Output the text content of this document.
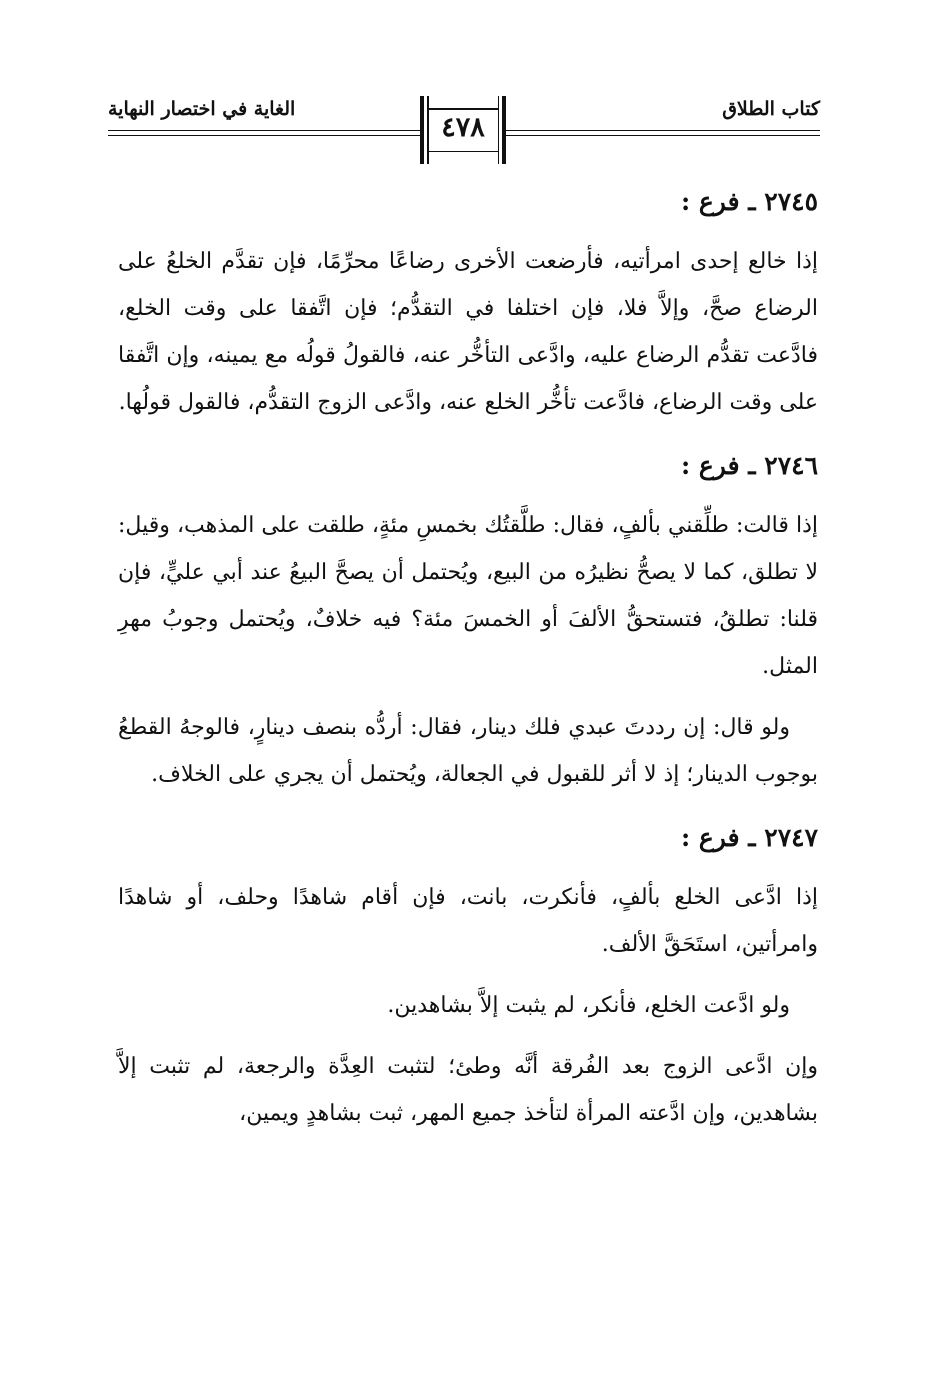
كتاب الطلاق
الغاية في اختصار النهاية
٤٧٨
٢٧٤٥ ـ فرع :

إذا خالع إحدى امرأتيه، فأرضعت الأخرى رضاعًا محرِّمًا، فإن تقدَّم الخلعُ على الرضاع صحَّ، وإلاَّ فلا، فإن اختلفا في التقدُّم؛ فإن اتَّفقا على وقت الخلع، فادَّعت تقدُّم الرضاع عليه، وادَّعى التأخُّر عنه، فالقولُ قولُه مع يمينه، وإن اتَّفقا على وقت الرضاع، فادَّعت تأخُّر الخلع عنه، وادَّعى الزوج التقدُّم، فالقول قولُها.

٢٧٤٦ ـ فرع :

إذا قالت: طلِّقني بألفٍ، فقال: طلَّقتُك بخمسِ مئةٍ، طلقت على المذهب، وقيل: لا تطلق، كما لا يصحُّ نظيرُه من البيع، ويُحتمل أن يصحَّ البيعُ عند أبي عليٍّ، فإن قلنا: تطلقُ، فتستحقُّ الألفَ أو الخمسَ مئة؟ فيه خلافٌ، ويُحتمل وجوبُ مهرِ المثل.

ولو قال: إن رددتَ عبدي فلك دينار، فقال: أردُّه بنصف دينارٍ، فالوجهُ القطعُ بوجوب الدينار؛ إذ لا أثر للقبول في الجعالة، ويُحتمل أن يجري على الخلاف.

٢٧٤٧ ـ فرع :

إذا ادَّعى الخلع بألفٍ، فأنكرت، بانت، فإن أقام شاهدًا وحلف، أو شاهدًا وامرأتين، استَحَقَّ الألف.

ولو ادَّعت الخلع، فأنكر، لم يثبت إلاَّ بشاهدين.

وإن ادَّعى الزوج بعد الفُرقة أنَّه وطئ؛ لتثبت العِدَّة والرجعة، لم تثبت إلاَّ بشاهدين، وإن ادَّعته المرأة لتأخذ جميع المهر، ثبت بشاهدٍ ويمين،
